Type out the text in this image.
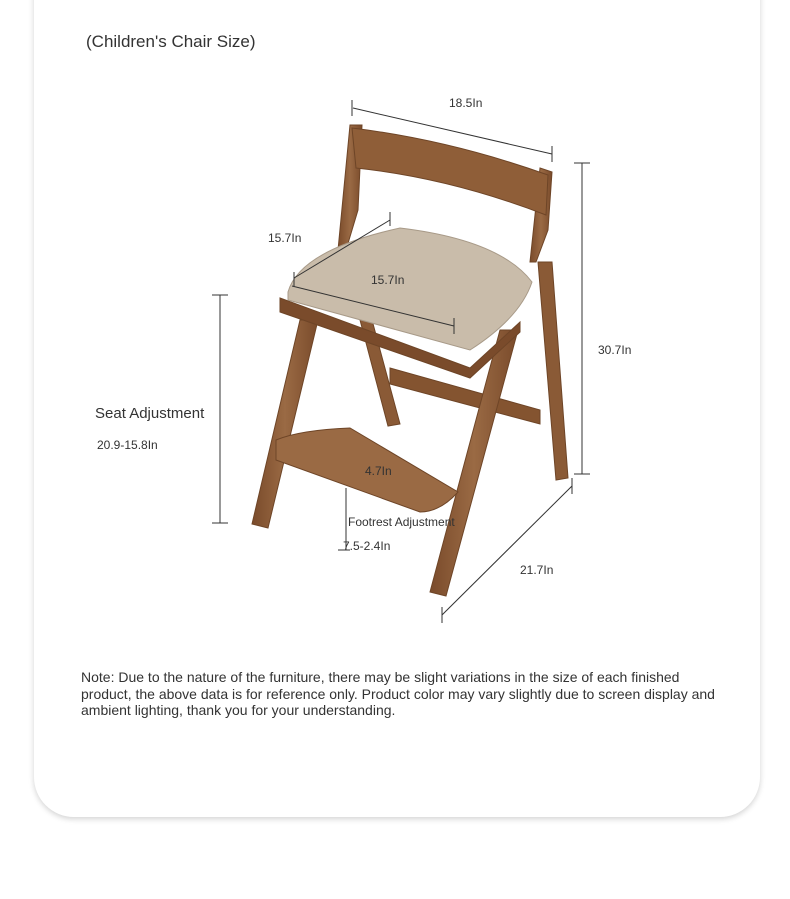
(Children's Chair Size)
18.5In
15.7In
15.7In
30.7In
Seat Adjustment
20.9-15.8In
4.7In
Footrest Adjustment
7.5-2.4In
21.7In
Note: Due to the nature of the furniture, there may be slight variations in the size of each finished product, the above data is for reference only. Product color may vary slightly due to screen display and ambient lighting, thank you for your understanding.
